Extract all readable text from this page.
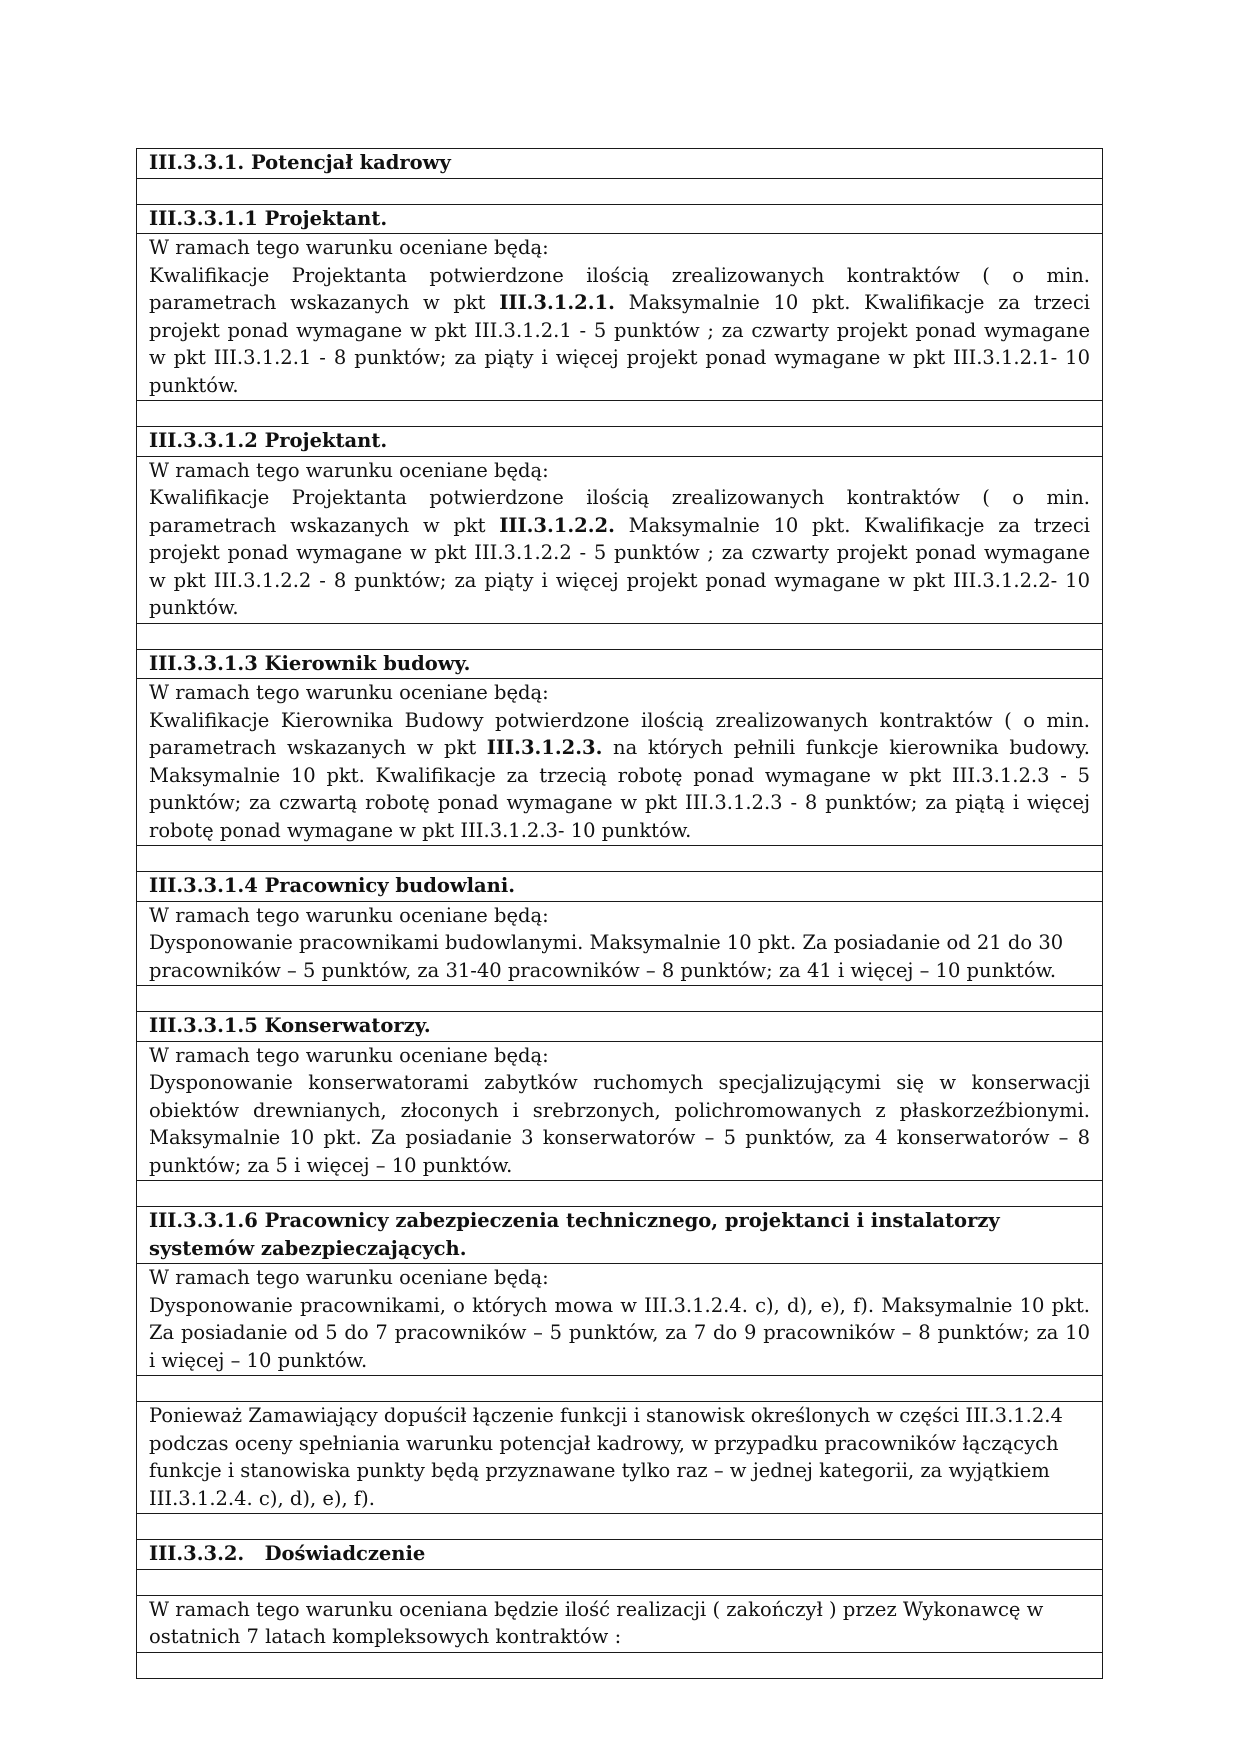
III.3.3.1. Potencjał kadrowy

III.3.3.1.1 Projektant.

W ramach tego warunku oceniane będą:
Kwalifikacje Projektanta potwierdzone ilością zrealizowanych kontraktów ( o min. parametrach wskazanych w pkt III.3.1.2.1. Maksymalnie 10 pkt. Kwalifikacje za trzeci projekt ponad wymagane w pkt III.3.1.2.1 - 5 punktów ; za czwarty projekt ponad wymagane w pkt III.3.1.2.1 - 8 punktów; za piąty i więcej projekt ponad wymagane w pkt III.3.1.2.1- 10 punktów.

III.3.3.1.2 Projektant.

W ramach tego warunku oceniane będą:
Kwalifikacje Projektanta potwierdzone ilością zrealizowanych kontraktów ( o min. parametrach wskazanych w pkt III.3.1.2.2. Maksymalnie 10 pkt. Kwalifikacje za trzeci projekt ponad wymagane w pkt III.3.1.2.2 - 5 punktów ; za czwarty projekt ponad wymagane w pkt III.3.1.2.2 - 8 punktów; za piąty i więcej projekt ponad wymagane w pkt III.3.1.2.2- 10 punktów.

III.3.3.1.3 Kierownik budowy.

W ramach tego warunku oceniane będą:
Kwalifikacje Kierownika Budowy potwierdzone ilością zrealizowanych kontraktów ( o min. parametrach wskazanych w pkt III.3.1.2.3. na których pełnili funkcje kierownika budowy. Maksymalnie 10 pkt. Kwalifikacje za trzecią robotę ponad wymagane w pkt III.3.1.2.3 - 5 punktów; za czwartą robotę ponad wymagane w pkt III.3.1.2.3 - 8 punktów; za piątą i więcej robotę ponad wymagane w pkt III.3.1.2.3- 10 punktów.

III.3.3.1.4 Pracownicy budowlani.

W ramach tego warunku oceniane będą:
Dysponowanie pracownikami budowlanymi. Maksymalnie 10 pkt. Za posiadanie od 21 do 30 pracowników – 5 punktów, za 31-40 pracowników – 8 punktów; za 41 i więcej – 10 punktów.

III.3.3.1.5 Konserwatorzy.

W ramach tego warunku oceniane będą:
Dysponowanie konserwatorami zabytków ruchomych specjalizującymi się w konserwacji obiektów drewnianych, złoconych i srebrzonych, polichromowanych z płaskorzeźbionymi. Maksymalnie 10 pkt. Za posiadanie 3 konserwatorów – 5 punktów, za 4 konserwatorów – 8 punktów; za 5 i więcej – 10 punktów.

III.3.3.1.6 Pracownicy zabezpieczenia technicznego, projektanci i instalatorzy systemów zabezpieczających.

W ramach tego warunku oceniane będą:
Dysponowanie pracownikami, o których mowa w III.3.1.2.4. c), d), e), f). Maksymalnie 10 pkt. Za posiadanie od 5 do 7 pracowników – 5 punktów, za 7 do 9 pracowników – 8 punktów; za 10 i więcej – 10 punktów.

Ponieważ Zamawiający dopuścił łączenie funkcji i stanowisk określonych w części III.3.1.2.4 podczas oceny spełniania warunku potencjał kadrowy, w przypadku pracowników łączących funkcje i stanowiska punkty będą przyznawane tylko raz – w jednej kategorii, za wyjątkiem III.3.1.2.4. c), d), e), f).

III.3.3.2.   Doświadczenie

W ramach tego warunku oceniana będzie ilość realizacji ( zakończył ) przez Wykonawcę w ostatnich 7 latach kompleksowych kontraktów :
